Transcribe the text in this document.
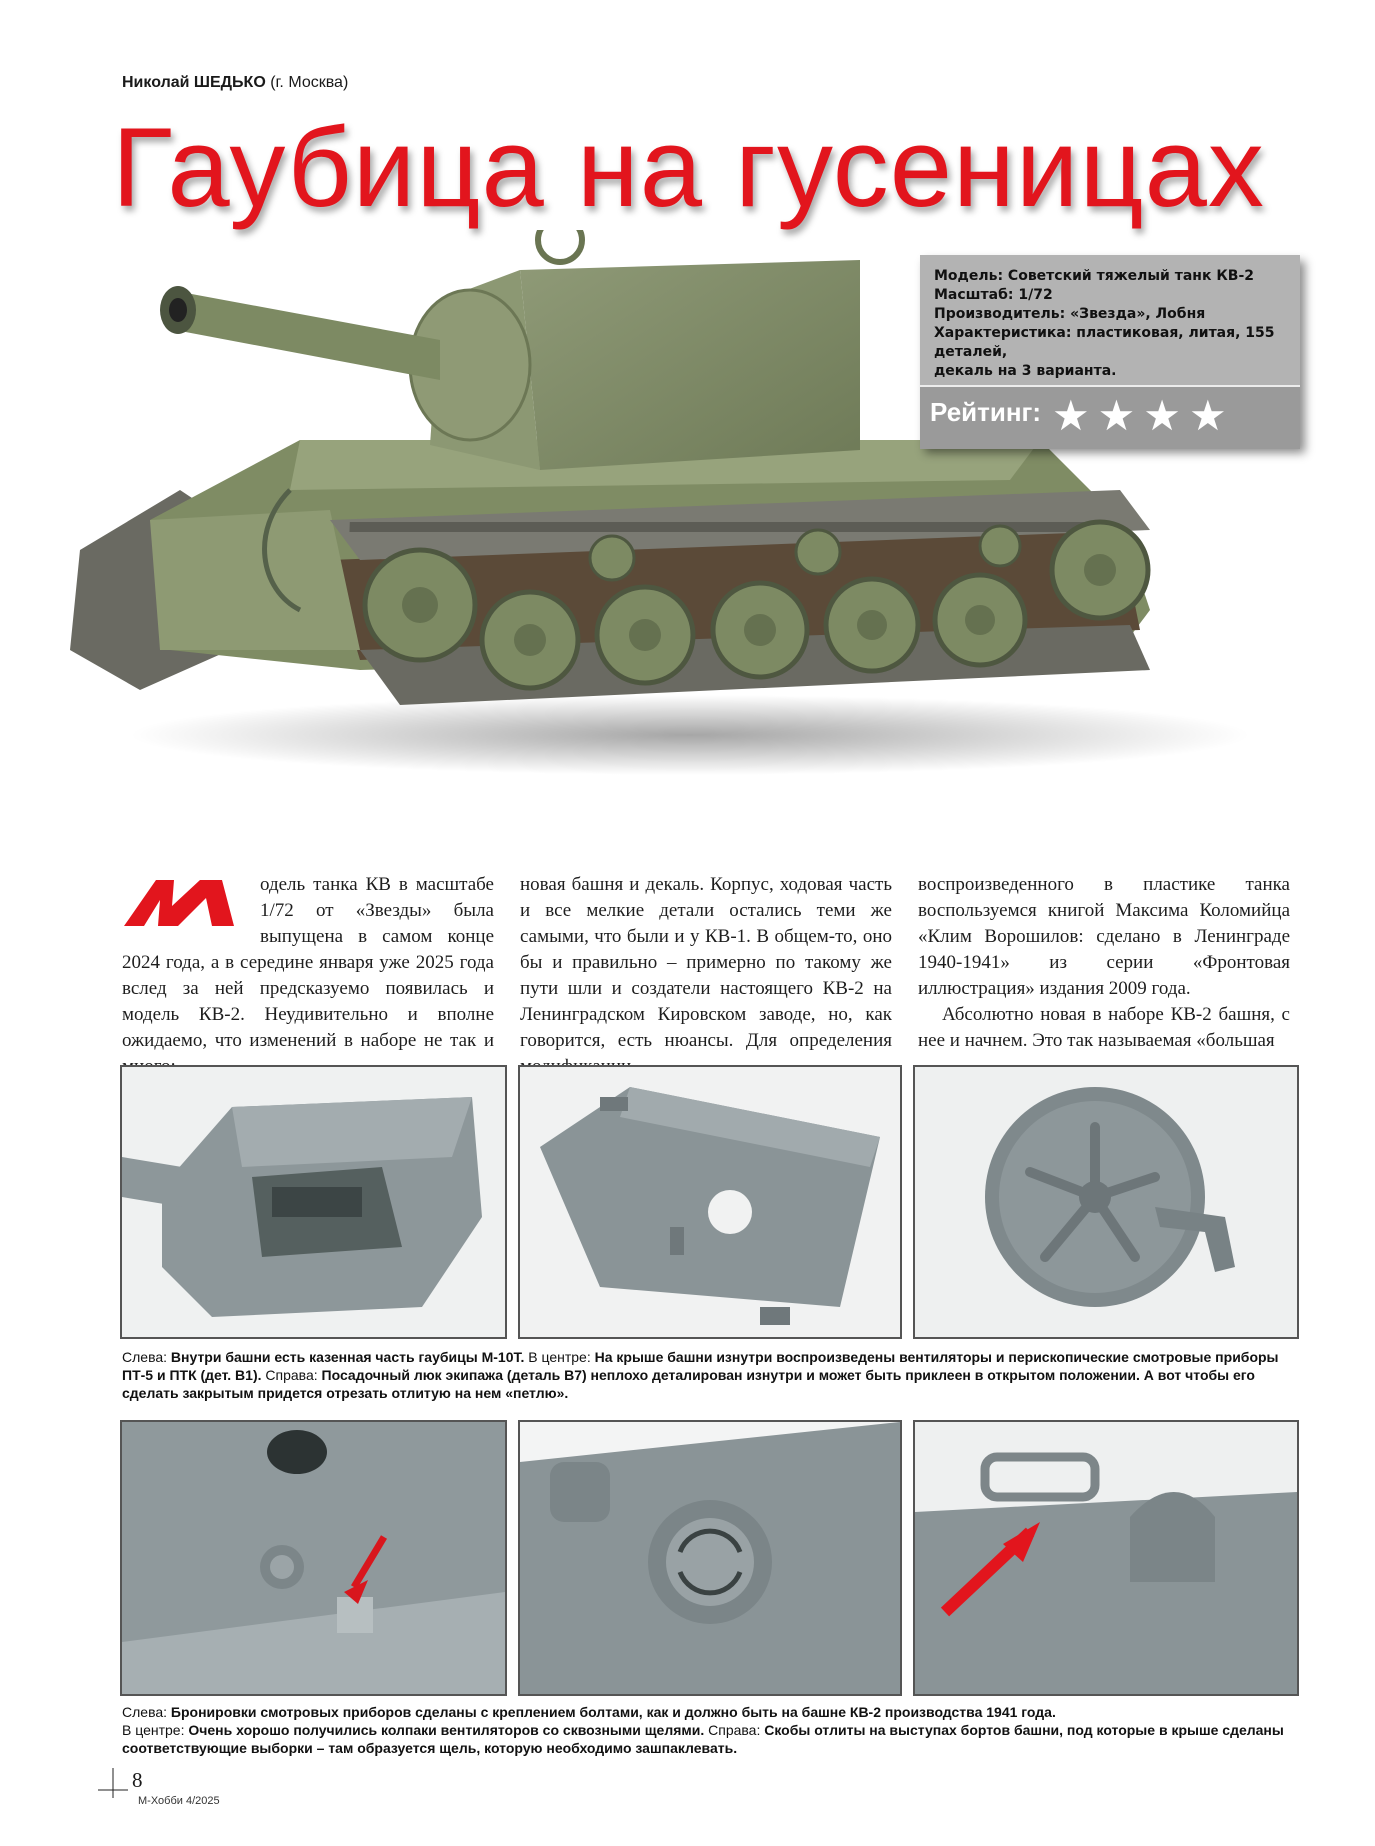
Николай ШЕДЬКО (г. Москва)
Гаубица на гусеницах
Модель: Советский тяжелый танк КВ-2
Масштаб: 1/72
Производитель: «Звезда», Лобня
Характеристика: пластиковая, литая, 155 деталей,
декаль на 3 варианта.
Рейтинг: ★★★★
одель танка КВ в масштабе 1/72 от «Звезды» была выпущена в самом конце 2024 года, а в середине января уже 2025 года вслед за ней предсказуемо появилась и модель КВ-2. Неудивительно и вполне ожидаемо, что изменений в наборе не так и
новая башня и декаль. Корпус, ходовая часть и все мелкие детали остались теми же самыми, что были и у КВ-1. В общем-то, оно бы и правильно – примерно по такому же пути шли и создатели настоящего КВ-2 на Ленинградском Кировском заводе, но, как говорится, есть нюансы. Для определения
воспроизведенного в пластике танка воспользуемся книгой Максима Коломийца «Клим Ворошилов: сделано в Ленинграде 1940-1941» из серии «Фронтовая иллюстрация» издания 2009 года.
Абсолютно новая в наборе КВ-2 башня, с нее и начнем. Это так называемая «большая
Слева: Внутри башни есть казенная часть гаубицы М-10Т. В центре: На крыше башни изнутри воспроизведены вентиляторы и перископические смотровые приборы ПТ-5 и ПТК (дет. В1). Справа: Посадочный люк экипажа (деталь В7) неплохо деталирован изнутри и может быть приклеен в открытом положении. А вот чтобы его сделать закрытым придется отрезать отлитую на нем «петлю».
Слева: Бронировки смотровых приборов сделаны с креплением болтами, как и должно быть на башне КВ-2 производства 1941 года.
В центре: Очень хорошо получились колпаки вентиляторов со сквозными щелями. Справа: Скобы отлиты на выступах бортов башни, под которые в крыше сделаны соответствующие выборки – там образуется щель, которую необходимо зашпаклевать.
8
М-Хобби 4/2025
